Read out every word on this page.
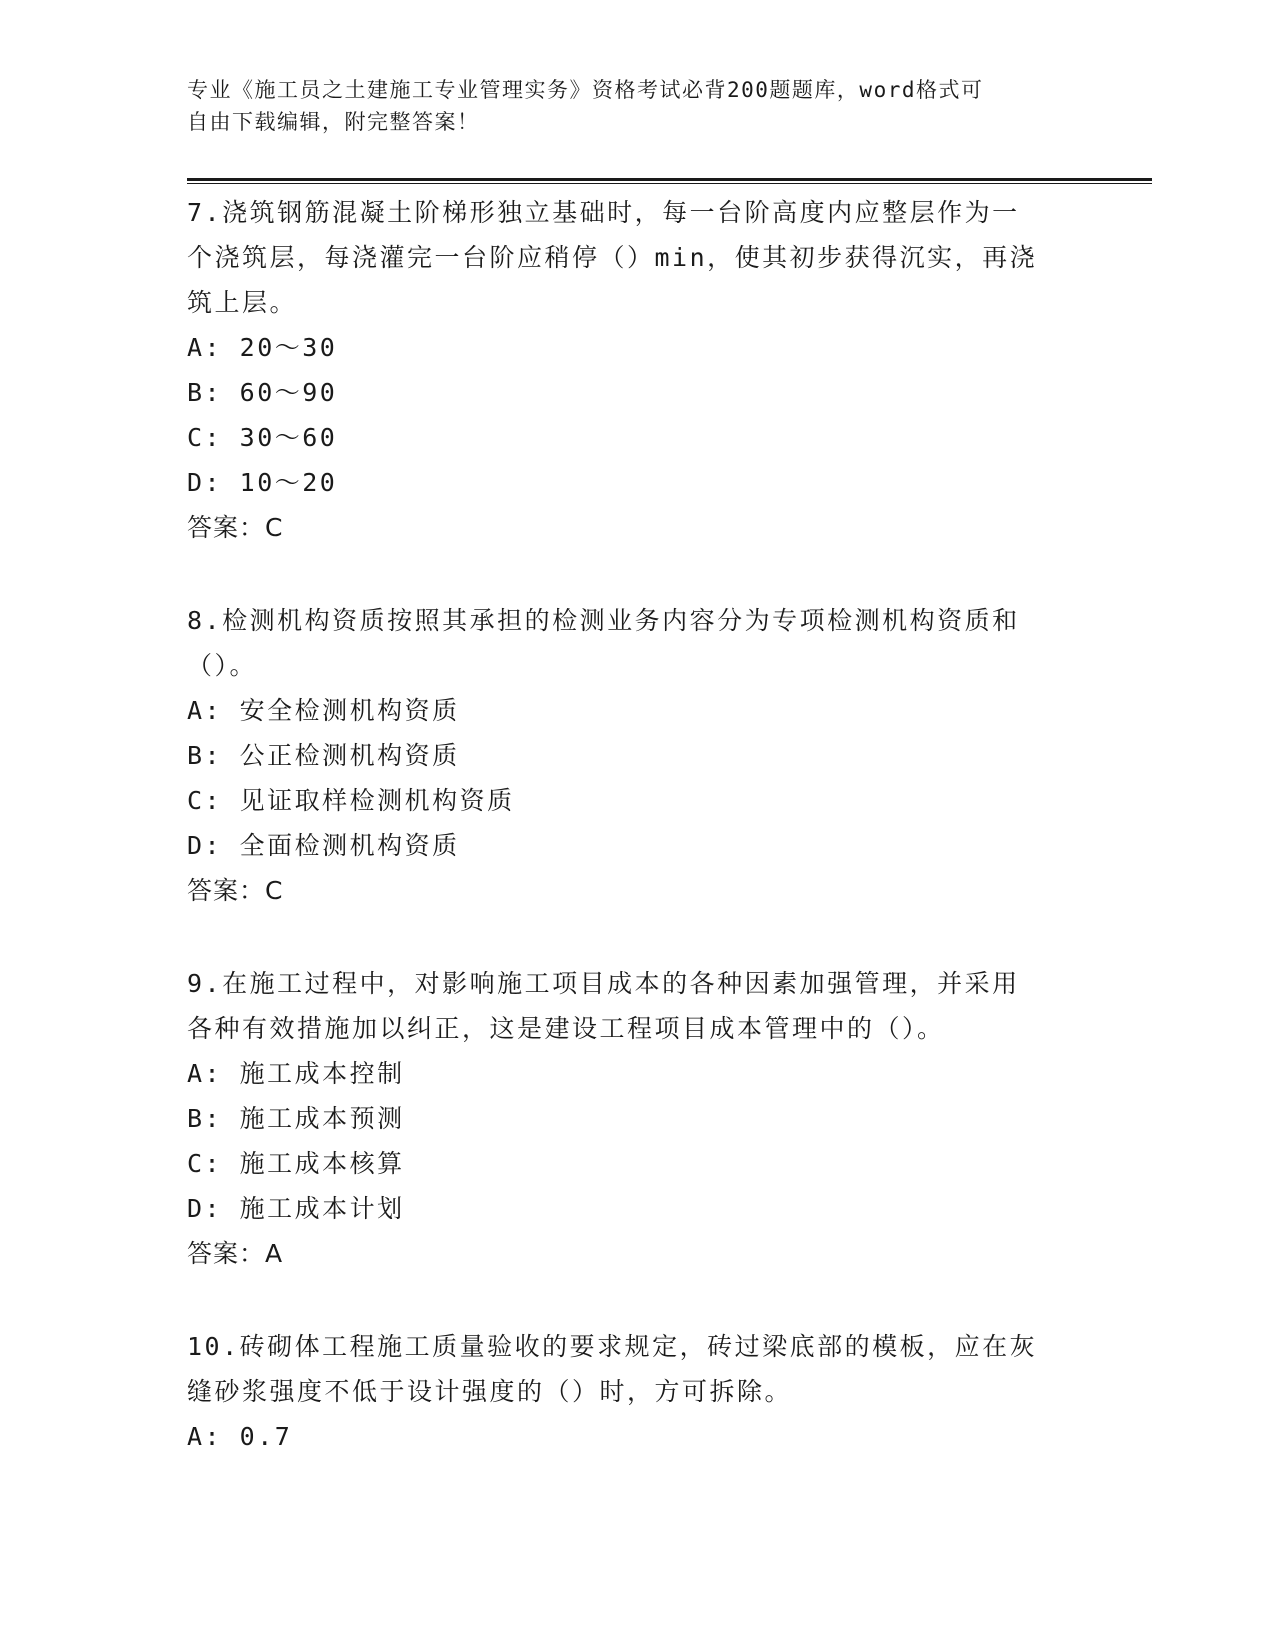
专业《施工员之土建施工专业管理实务》资格考试必背200题题库，word格式可
自由下载编辑，附完整答案！
7.浇筑钢筋混凝土阶梯形独立基础时，每一台阶高度内应整层作为一
个浇筑层，每浇灌完一台阶应稍停（）min，使其初步获得沉实，再浇
筑上层。
A: 20～30
B: 60～90
C: 30～60
D: 10～20
答案：C
8.检测机构资质按照其承担的检测业务内容分为专项检测机构资质和
（）。
A: 安全检测机构资质
B: 公正检测机构资质
C: 见证取样检测机构资质
D: 全面检测机构资质
答案：C
9.在施工过程中，对影响施工项目成本的各种因素加强管理，并采用
各种有效措施加以纠正，这是建设工程项目成本管理中的（）。
A: 施工成本控制
B: 施工成本预测
C: 施工成本核算
D: 施工成本计划
答案：A
10.砖砌体工程施工质量验收的要求规定，砖过梁底部的模板，应在灰
缝砂浆强度不低于设计强度的（）时，方可拆除。
A: 0.7
